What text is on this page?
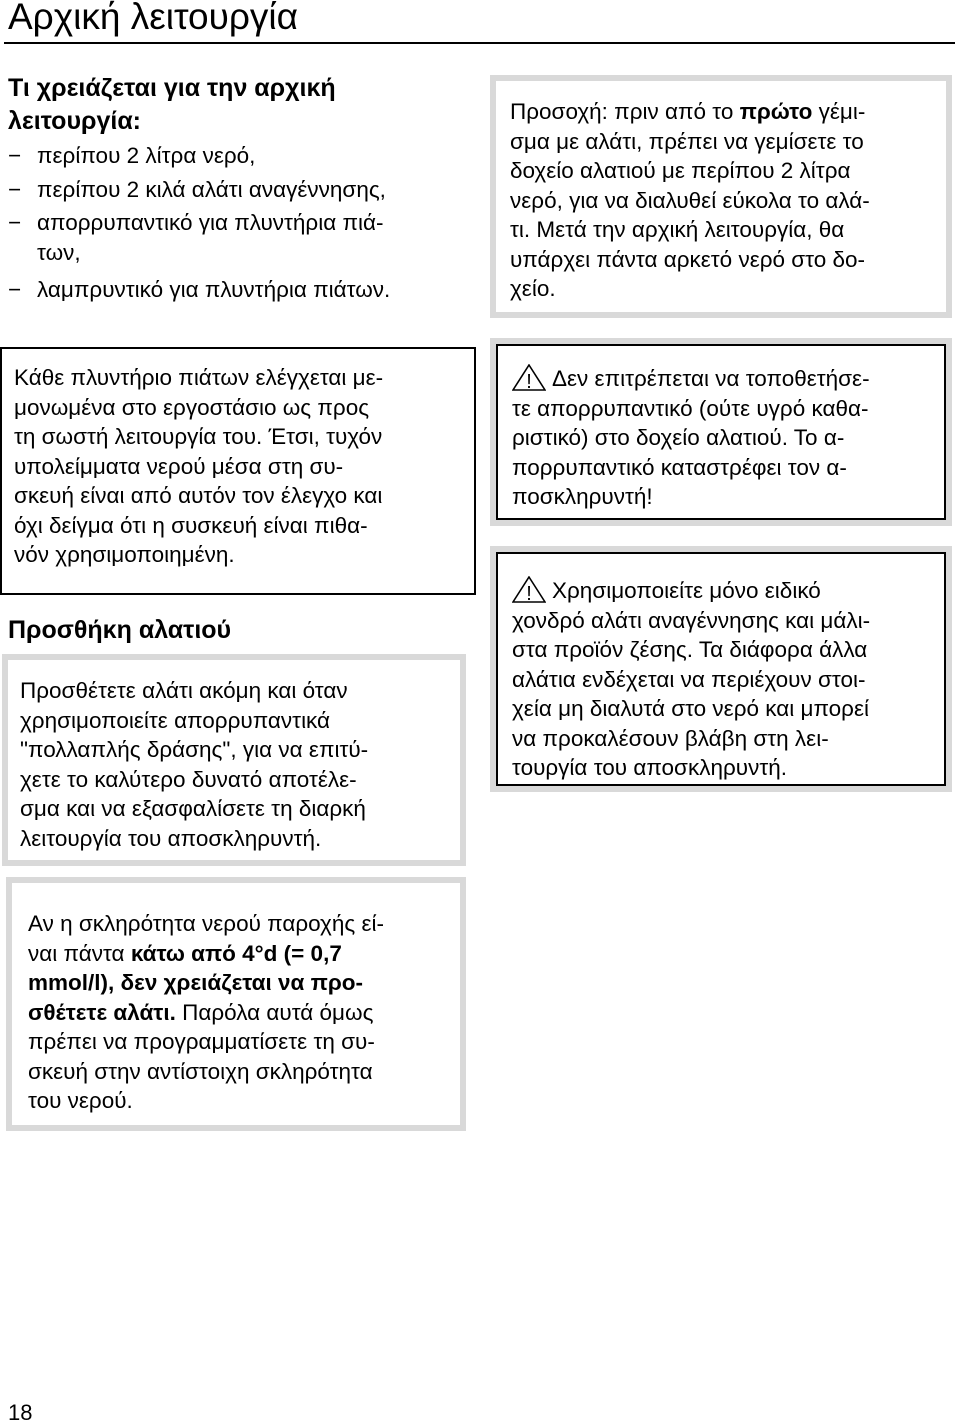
Αρχική λειτουργία
Τι χρειάζεται για την αρχική λειτουργία:
− περίπου 2 λίτρα νερό,
− περίπου 2 κιλά αλάτι αναγέννησης,
− απορρυπαντικό για πλυντήρια πιά-
των,
− λαμπρυντικό για πλυντήρια πιάτων.

Κάθε πλυντήριο πιάτων ελέγχεται με-
μονωμένα στο εργοστάσιο ως προς
τη σωστή λειτουργία του. Έτσι, τυχόν
υπολείμματα νερού μέσα στη συ-
σκευή είναι από αυτόν τον έλεγχο και
όχι δείγμα ότι η συσκευή είναι πιθα-
νόν χρησιμοποιημένη.

Προσθήκη αλατιού

Προσθέτετε αλάτι ακόμη και όταν
χρησιμοποιείτε απορρυπαντικά
"πολλαπλής δράσης", για να επιτύ-
χετε το καλύτερο δυνατό αποτέλε-
σμα και να εξασφαλίσετε τη διαρκή
λειτουργία του αποσκληρυντή.

Αν η σκληρότητα νερού παροχής εί-
ναι πάντα κάτω από 4°d (= 0,7
mmol/l), δεν χρειάζεται να προ-
σθέτετε αλάτι. Παρόλα αυτά όμως
πρέπει να προγραμματίσετε τη συ-
σκευή στην αντίστοιχη σκληρότητα
του νερού.

Προσοχή: πριν από το πρώτο γέμι-
σμα με αλάτι, πρέπει να γεμίσετε το
δοχείο αλατιού με περίπου 2 λίτρα
νερό, για να διαλυθεί εύκολα το αλά-
τι. Μετά την αρχική λειτουργία, θα
υπάρχει πάντα αρκετό νερό στο δο-
χείο.

! Δεν επιτρέπεται να τοποθετήσε-
τε απορρυπαντικό (ούτε υγρό καθα-
ριστικό) στο δοχείο αλατιού. Το α-
πορρυπαντικό καταστρέφει τον α-
ποσκληρυντή!

! Χρησιμοποιείτε μόνο ειδικό
χονδρό αλάτι αναγέννησης και μάλι-
στα προϊόν ζέσης. Τα διάφορα άλλα
αλάτια ενδέχεται να περιέχουν στοι-
χεία μη διαλυτά στο νερό και μπορεί
να προκαλέσουν βλάβη στη λει-
τουργία του αποσκληρυντή.

18
